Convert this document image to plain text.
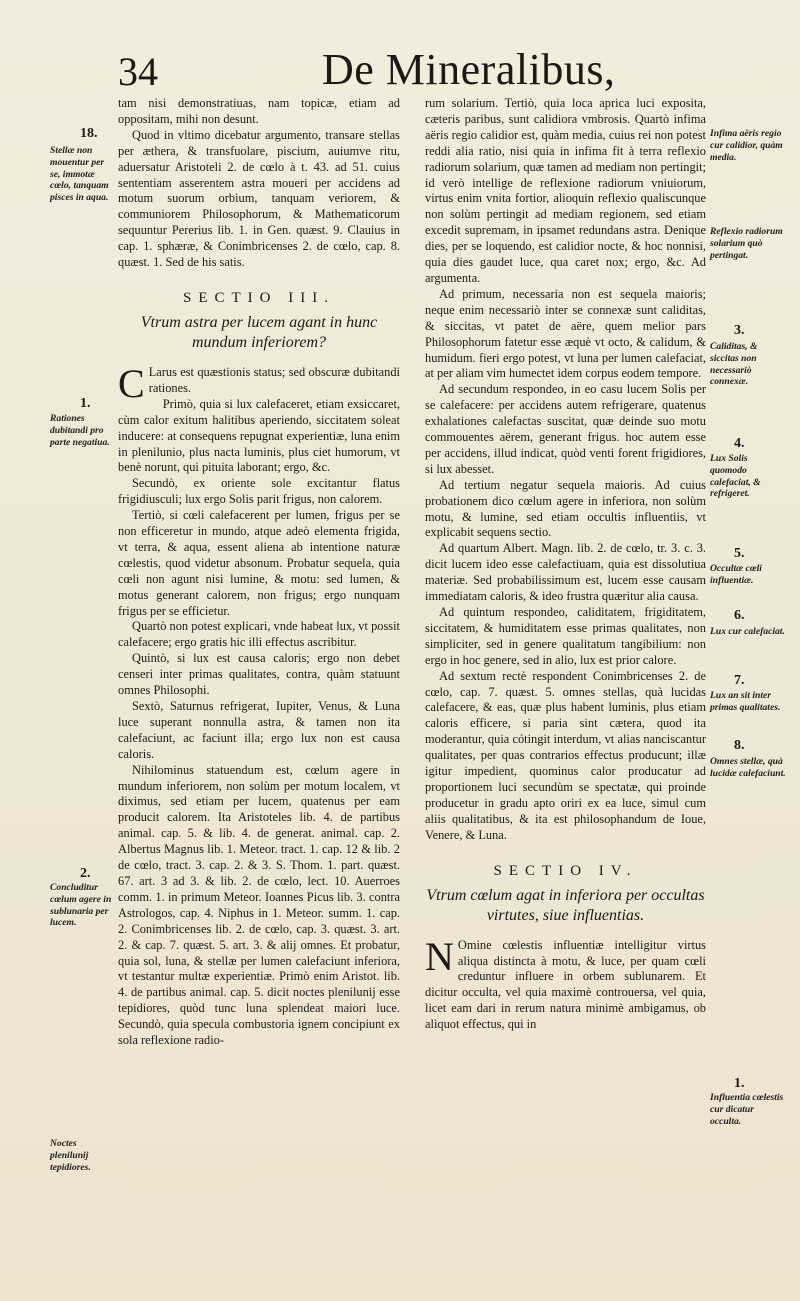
34	De Mineralibus,

tam nisi demonstratiuas, nam topicæ, etiam ad oppositam, mihi non desunt.

Quod in vltimo dicebatur argumento, transare stellas per æthera, & transfuolare, piscium, auiumve ritu, aduersatur Aristoteli 2. de cœlo à t. 43. ad 51. cuius sententiam asserentem astra moueri per accidens ad motum suorum orbium, tanquam veriorem, & communiorem Philosophorum, & Mathematicorum sequuntur Pererius lib. 1. in Gen. quæst. 9. Clauius in cap. 1. sphæræ, & Conimbricenses 2. de cœlo, cap. 8. quæst. 1. Sed de his satis.

SECTIO III.
Vtrum astra per lucem agant in hunc mundum inferiorem?

C Larus est quæstionis status; sed obscuræ dubitandi rationes.

Primò, quia si lux calefaceret, etiam exsiccaret, cùm calor exitum halitibus aperiendo, siccitatem soleat inducere: at consequens repugnat experientiæ, luna enim in plenilunio, plus nacta luminis, plus ciet humorum, vt benè norunt, qui pituita laborant; ergo, &c.

Secundò, ex oriente sole excitantur flatus frigidiusculi; lux ergo Solis parit frigus, non calorem.

Tertiò, si cœli calefacerent per lumen, frigus per se non efficeretur in mundo, atque adeò elementa frigida, vt terra, & aqua, essent aliena ab intentione naturæ cœlestis, quod videtur absonum. Probatur sequela, quia cœli non agunt nisi lumine, & motu: sed lumen, & motus generant calorem, non frigus; ergo nunquam frigus per se efficietur.

Quartò non potest explicari, vnde habeat lux, vt possit calefacere; ergo gratis hic illi effectus ascribitur.

Quintò, si lux est causa caloris; ergo non debet censeri inter primas qualitates, contra, quàm statuunt omnes Philosophi.

Sextò, Saturnus refrigerat, Iupiter, Venus, & Luna luce superant nonnulla astra, & tamen non ita calefaciunt, ac faciunt illa; ergo lux non est causa caloris.

Nihilominus statuendum est, cœlum agere in mundum inferiorem, non solùm per motum localem, vt diximus, sed etiam per lucem, quatenus per eam producit calorem. Ita Aristoteles lib. 4. de partibus animal. cap. 5. & lib. 4. de generat. animal. cap. 2. Albertus Magnus lib. 1. Meteor. tract. 1. cap. 12 & lib. 2 de cœlo, tract. 3. cap. 2. & 3. S. Thom. 1. part. quæst. 67. art. 3 ad 3. & lib. 2. de cœlo, lect. 10. Auerroes comm. 1. in primum Meteor. Ioannes Picus lib. 3. contra Astrologos, cap. 4. Niphus in 1. Meteor. summ. 1. cap. 2. Conimbricenses lib. 2. de cœlo, cap. 3. quæst. 3. art. 2. & cap. 7. quæst. 5. art. 3. & alij omnes. Et probatur, quia sol, luna, & stellæ per lumen calefaciunt inferiora, vt testantur multæ experientiæ. Primò enim Aristot. lib. 4. de partibus animal. cap. 5. dicit noctes plenilunij esse tepidiores, quòd tunc luna splendeat maiori luce. Secundò, quia specula combustoria ignem concipiunt ex sola reflexione radio-

rum solarium. Tertiò, quia loca aprica luci exposita, cæteris paribus, sunt calidiora vmbrosis. Quartò infima aëris regio calidior est, quàm media, cuius rei non potest reddi alia ratio, nisi quia in infima fit à terra reflexio radiorum solarium, quæ tamen ad mediam non pertingit; id verò intellige de reflexione radiorum vniuiorum, virtus enim vnita fortior, alioquin reflexio qualiscunque non solùm pertingit ad mediam regionem, sed etiam excedit supremam, in ipsamet redundans astra. Denique dies, per se loquendo, est calidior nocte, & hoc nonnisi, quia dies gaudet luce, qua caret nox; ergo, &c. Ad argumenta.

Ad primum, necessaria non est sequela maioris; neque enim necessariò inter se connexæ sunt caliditas, & siccitas, vt patet de aëre, quem melior pars Philosophorum fatetur esse æquè vt octo, & calidum, & humidum. fieri ergo potest, vt luna per lumen calefaciat, at per aliam vim humectet idem corpus eodem tempore.

Ad secundum respondeo, in eo casu lucem Solis per se calefacere: per accidens autem refrigerare, quatenus exhalationes calefactas suscitat, quæ deinde suo motu commouentes aërem, generant frigus. hoc autem esse per accidens, illud indicat, quòd venti forent frigidiores, si lux abesset.

Ad tertium negatur sequela maioris. Ad cuius probationem dico cœlum agere in inferiora, non solùm motu, & lumine, sed etiam occultis influentiis, vt explicabit sequens sectio.

Ad quartum Albert. Magn. lib. 2. de cœlo, tr. 3. c. 3. dicit lucem ideo esse calefactiuam, quia est dissolutiua materiæ. Sed probabilissimum est, lucem esse causam immediatam caloris, & ideo frustra quæritur alia causa.

Ad quintum respondeo, caliditatem, frigiditatem, siccitatem, & humiditatem esse primas qualitates, non simpliciter, sed in genere qualitatum tangibilium: non ergo in hoc genere, sed in alio, lux est prior calore.

Ad sextum rectè respondent Conimbricenses 2. de cœlo, cap. 7. quæst. 5. omnes stellas, quà lucidas calefacere, & eas, quæ plus habent luminis, plus etiam caloris efficere, si paria sint cætera, quod ita moderantur, quia cótingit interdum, vt alias nanciscantur qualitates, per quas contrarios effectus producunt; illæ igitur impedient, quominus calor producatur ad proportionem luci secundùm se spectatæ, qui proinde producetur in gradu apto oriri ex ea luce, simul cum aliis qualitatibus, & ita est philosophandum de Ioue, Venere, & Luna.

SECTIO IV.
Vtrum cœlum agat in inferiora per occultas virtutes, siue influentias.

N Omine cœlestis influentiæ intelligitur virtus aliqua distincta à motu, & luce, per quam cœli creduntur influere in orbem sublunarem. Et dicitur occulta, vel quia maximè controuersa, vel quia, licet eam dari in rerum natura minimè ambigamus, ob aliquot effectus, qui in

18.
Stellæ non mouentur per se, immotæ cœlo, tanquam pisces in aqua.
1.
Rationes dubitandi pro parte negatiua.
2.
Concluditur cœlum agere in sublunaria per lucem.
Noctes plenilunij tepidiores.
Infima aëris regio cur calidior, quàm media.
Reflexio radiorum solarium quò pertingat.
3.
Caliditas, & siccitas non necessariò connexæ.
4.
Lux Solis quomodo calefaciat, & refrigeret.
5.
Occultæ cœli influentiæ.
6.
Lux cur calefaciat.
7.
Lux an sit inter primas qualitates.
8.
Omnes stellæ, quà lucidæ calefaciunt.
1.
Influentia cœlestis cur dicatur occulta.
